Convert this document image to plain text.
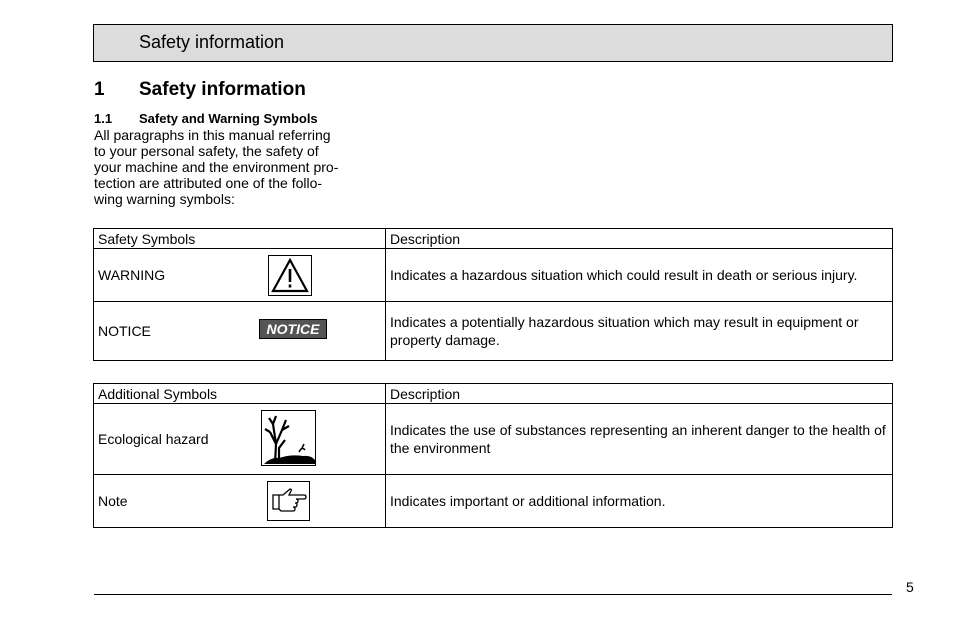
Safety information
1 Safety information
1.1 Safety and Warning Symbols
All paragraphs in this manual referring
to your personal safety, the safety of
your machine and the environment pro-
tection are attributed one of the follo-
wing warning symbols:
Safety Symbols	Description
WARNING	Indicates a hazardous situation which could result in death or serious injury.
NOTICE NOTICE	Indicates a potentially hazardous situation which may result in equipment or property damage.
Additional Symbols	Description
Ecological hazard	Indicates the use of substances representing an inherent danger to the health of the environment
Note	Indicates important or additional information.
5
